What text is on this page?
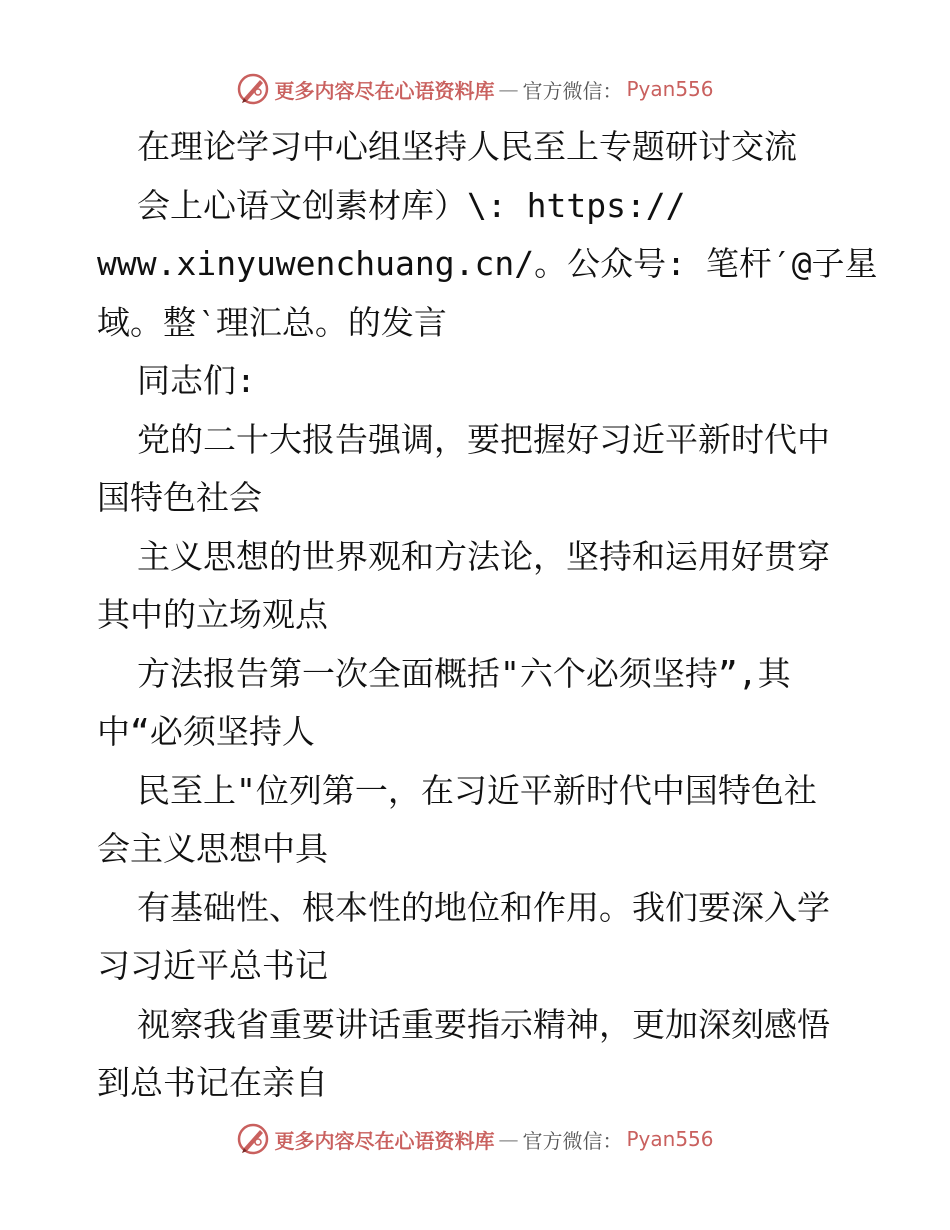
更多内容尽在心语资料库 — 官方微信： Pyan556
在理论学习中心组坚持人民至上专题研讨交流
会上心语文创素材库）\: https://
www.xinyuwenchuang.cn/。公众号: 笔杆′@子星
域。整‵理汇总。的发言
同志们:
党的二十大报告强调，要把握好习近平新时代中
国特色社会
主义思想的世界观和方法论，坚持和运用好贯穿
其中的立场观点
方法报告第一次全面概括"六个必须坚持”,其
中“必须坚持人
民至上"位列第一，在习近平新时代中国特色社
会主义思想中具
有基础性、根本性的地位和作用。我们要深入学
习习近平总书记
视察我省重要讲话重要指示精神，更加深刻感悟
到总书记在亲自
更多内容尽在心语资料库 — 官方微信： Pyan556
